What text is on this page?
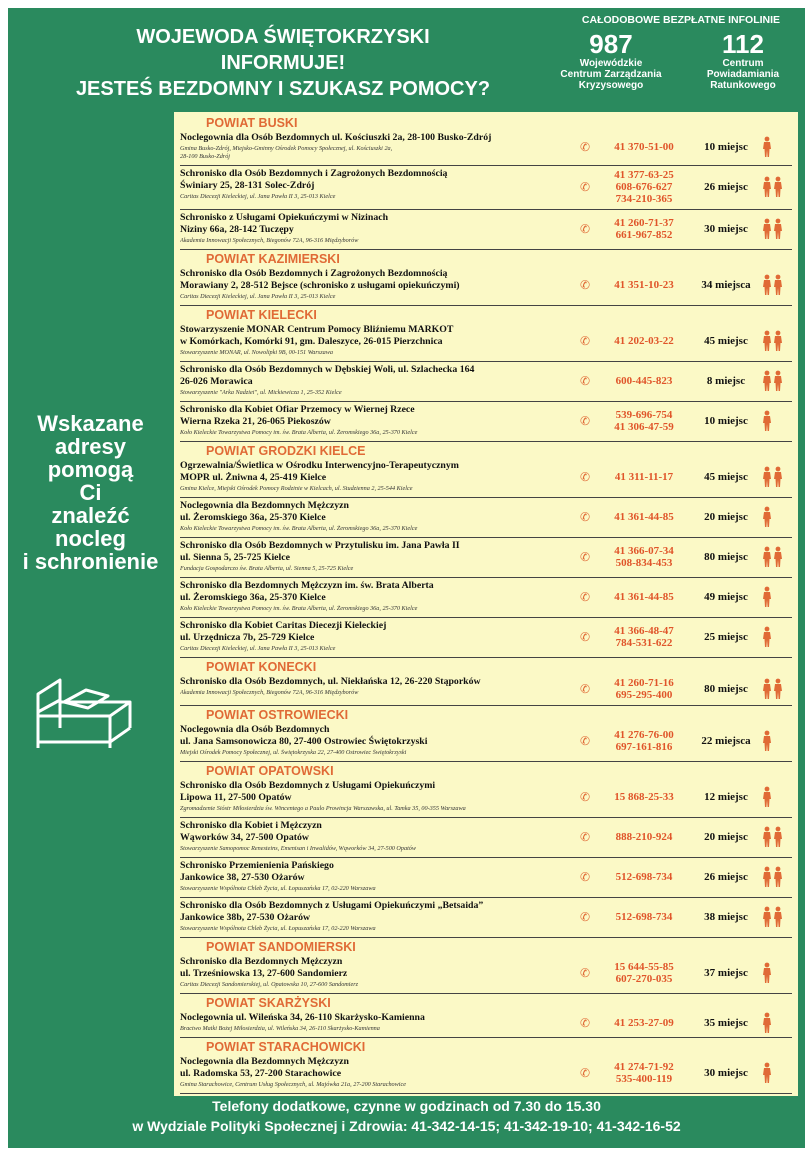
WOJEWODA ŚWIĘTOKRZYSKI
INFORMUJE!
JESTEŚ BEZDOMNY I SZUKASZ POMOCY?
CAŁODOBOWE BEZPŁATNE INFOLINIE
987
Wojewódzkie
Centrum Zarządzania
Kryzysowego
112
Centrum
Powiadamiania
Ratunkowego
Wskazane
adresy
pomogą
Ci
znaleźć
nocleg
i schronienie
POWIAT BUSKI
Noclegownia dla Osób Bezdomnych ul. Kościuszki 2a, 28-100 Busko-Zdrój
Gmina Busko-Zdrój, Miejsko-Gminny Ośrodek Pomocy Społecznej, ul. Kościuszki 2a,
28-100 Busko-Zdrój
✆	41 370-51-00	10 miejsc
Schronisko dla Osób Bezdomnych i Zagrożonych Bezdomnością
Świniary 25, 28-131 Solec-Zdrój
Caritas Diecezji Kieleckiej, ul. Jana Pawła II 3, 25-013 Kielce
✆
41 377-63-25
608-676-627
734-210-365
26 miejsc
Schronisko z Usługami Opiekuńczymi w Nizinach
Niziny 66a, 28-142 Tuczępy
Akademia Innowacji Społecznych, Biegonów 72A, 96-316 Międzyborów
✆	41 260-71-37
661-967-852
30 miejsc
POWIAT KAZIMIERSKI
Schronisko dla Osób Bezdomnych i Zagrożonych Bezdomnością
Morawiany 2, 28-512 Bejsce (schronisko z usługami opiekuńczymi)
Caritas Diecezji Kieleckiej, ul. Jana Pawła II 3, 25-013 Kielce
✆	41 351-10-23	34 miejsca
POWIAT KIELECKI
Stowarzyszenie MONAR Centrum Pomocy Bliźniemu MARKOT
w Komórkach, Komórki 91, gm. Daleszyce, 26-015 Pierzchnica
Stowarzyszenie MONAR, ul. Nowolipki 9B, 00-151 Warszawa
✆	41 202-03-22	45 miejsc
Schronisko dla Osób Bezdomnych w Dębskiej Woli, ul. Szlachecka 164
26-026 Morawica
Stowarzyszenie "Arka Nadziei", ul. Mickiewicza 1, 25-352 Kielce
✆	600-445-823	8 miejsc
Schronisko dla Kobiet Ofiar Przemocy w Wiernej Rzece
Wierna Rzeka 21, 26-065 Piekoszów
Koło Kieleckie Towarzystwa Pomocy im. św. Brata Alberta, ul. Żeromskiego 36a, 25-370 Kielce
✆	539-696-754
41 306-47-59
10 miejsc
POWIAT GRODZKI KIELCE
Ogrzewalnia/Świetlica w Ośrodku Interwencyjno-Terapeutycznym
MOPR ul. Żniwna 4, 25-419 Kielce
Gmina Kielce, Miejski Ośrodek Pomocy Rodzinie w Kielcach, ul. Studzienna 2, 25-544 Kielce
✆	41 311-11-17	45 miejsc
Noclegownia dla Bezdomnych Mężczyzn
ul. Żeromskiego 36a, 25-370 Kielce
Koło Kieleckie Towarzystwa Pomocy im. św. Brata Alberta, ul. Żeromskiego 36a, 25-370 Kielce
✆	41 361-44-85	20 miejsc
Schronisko dla Osób Bezdomnych w Przytulisku im. Jana Pawła II
ul. Sienna 5, 25-725 Kielce
Fundacja Gospodarczo św. Brata Alberta, ul. Sienna 5, 25-725 Kielce
✆	41 366-07-34
508-834-453
80 miejsc
Schronisko dla Bezdomnych Mężczyzn im. św. Brata Alberta
ul. Żeromskiego 36a, 25-370 Kielce
Koło Kieleckie Towarzystwa Pomocy im. św. Brata Alberta, ul. Żeromskiego 36a, 25-370 Kielce
✆	41 361-44-85	49 miejsc
Schronisko dla Kobiet Caritas Diecezji Kieleckiej
ul. Urzędnicza 7b, 25-729 Kielce
Caritas Diecezji Kieleckiej, ul. Jana Pawła II 3, 25-013 Kielce
✆	41 366-48-47
784-531-622
25 miejsc
POWIAT KONECKI
Schronisko dla Osób Bezdomnych, ul. Niekłańska 12, 26-220 Stąporków
Akademia Innowacji Społecznych, Biegonów 72A, 96-316 Międzyborów	✆	41 260-71-16
695-295-400
80 miejsc
POWIAT OSTROWIECKI
Noclegownia dla Osób Bezdomnych
ul. Jana Samsonowicza 80, 27-400 Ostrowiec Świętokrzyski
Miejski Ośrodek Pomocy Społecznej, ul. Świętokrzyska 22, 27-400 Ostrowiec Świętokrzyski
✆	41 276-76-00
697-161-816
22 miejsca
POWIAT OPATOWSKI
Schronisko dla Osób Bezdomnych z Usługami Opiekuńczymi
Lipowa 11, 27-500 Opatów
Zgromadzenie Sióstr Miłosierdzia św. Wincentego a Paulo Prowincja Warszawska, ul. Tamka 35, 00-355 Warszawa
✆	15 868-25-33	12 miejsc
Schronisko dla Kobiet i Mężczyzn
Wąworków 34, 27-500 Opatów
Stowarzyszenie Samopomoc Renesteins, Emenisan i Inwalidów, Wąworków 34, 27-500 Opatów
✆	888-210-924	20 miejsc
Schronisko Przemienienia Pańskiego
Jankowice 38, 27-530 Ożarów
Stowarzyszenie Wspólnota Chleb Życia, ul. Łopuszańska 17, 02-220 Warszawa
✆	512-698-734	26 miejsc
Schronisko dla Osób Bezdomnych z Usługami Opiekuńczymi „Betsaida”
Jankowice 38b, 27-530 Ożarów
Stowarzyszenie Wspólnota Chleb Życia, ul. Łopuszańska 17, 02-220 Warszawa
✆	512-698-734	38 miejsc
POWIAT SANDOMIERSKI
Schronisko dla Bezdomnych Mężczyzn
ul. Trześniowska 13, 27-600 Sandomierz
Caritas Diecezji Sandomierskiej, ul. Opatowska 10, 27-600 Sandomierz
✆	15 644-55-85
607-270-035
37 miejsc
POWIAT SKARŻYSKI
Noclegownia ul. Wileńska 34, 26-110 Skarżysko-Kamienna
Bractwo Matki Bożej Miłosierdzia, ul. Wileńska 34, 26-110 Skarżysko-Kamienna	✆	41 253-27-09	35 miejsc
POWIAT STARACHOWICKI
Noclegownia dla Bezdomnych Mężczyzn
ul. Radomska 53, 27-200 Starachowice
Gmina Starachowice, Centrum Usług Społecznych, ul. Majówka 21a, 27-200 Starachowice
✆	41 274-71-92
535-400-119
30 miejsc
Telefony dodatkowe, czynne w godzinach od 7.30 do 15.30
w Wydziale Polityki Społecznej i Zdrowia: 41-342-14-15; 41-342-19-10; 41-342-16-52
